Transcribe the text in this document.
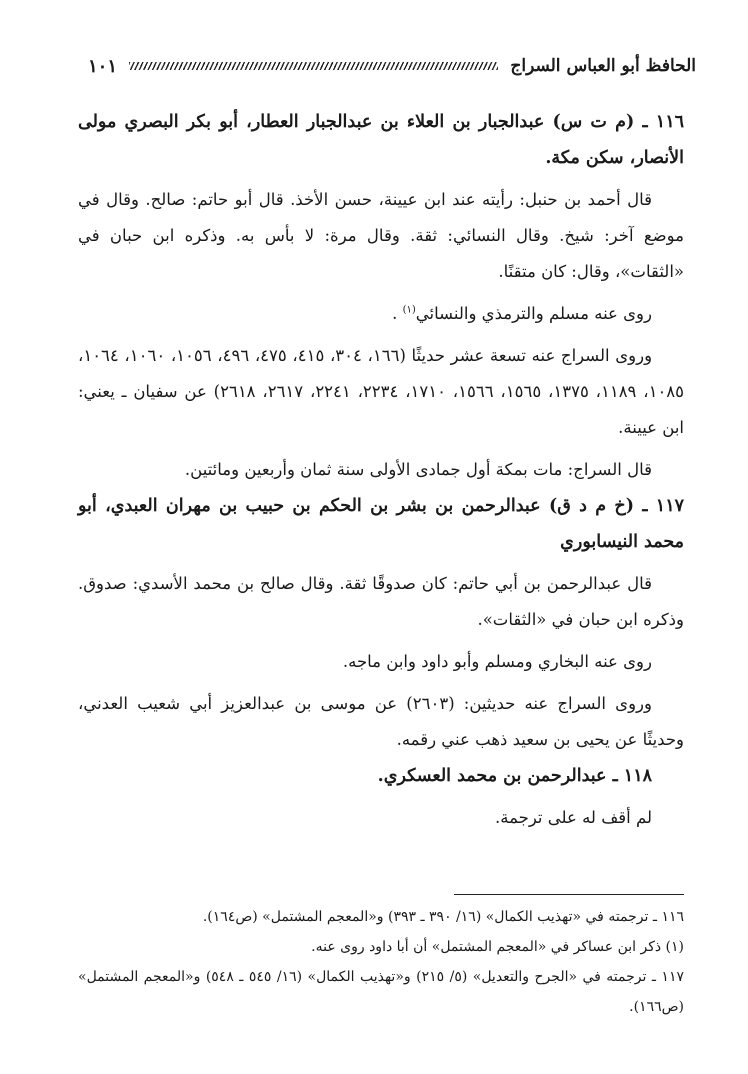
الحافظ أبو العباس السراج
١٠١

١١٦ ـ (م ت س) عبدالجبار بن العلاء بن عبدالجبار العطار، أبو بكر البصري مولى الأنصار، سكن مكة.

قال أحمد بن حنبل: رأيته عند ابن عيينة، حسن الأخذ. قال أبو حاتم: صالح. وقال في موضع آخر: شيخ. وقال النسائي: ثقة. وقال مرة: لا بأس به. وذكره ابن حبان في «الثقات»، وقال: كان متقنًا.

روى عنه مسلم والترمذي والنسائي$^{(١)}$ .

وروى السراج عنه تسعة عشر حديثًا (١٦٦، ٣٠٤، ٤١٥، ٤٧٥، ٤٩٦، ١٠٥٦، ١٠٦٠، ١٠٦٤، ١٠٨٥، ١١٨٩، ١٣٧٥، ١٥٦٥، ١٥٦٦، ١٧١٠، ٢٢٣٤، ٢٢٤١، ٢٦١٧، ٢٦١٨) عن سفيان ـ يعني: ابن عيينة.

قال السراج: مات بمكة أول جمادى الأولى سنة ثمان وأربعين ومائتين.

١١٧ ـ (خ م د ق) عبدالرحمن بن بشر بن الحكم بن حبيب بن مهران العبدي، أبو محمد النيسابوري

قال عبدالرحمن بن أبي حاتم: كان صدوقًا ثقة. وقال صالح بن محمد الأسدي: صدوق. وذكره ابن حبان في «الثقات».

روى عنه البخاري ومسلم وأبو داود وابن ماجه.

وروى السراج عنه حديثين: (٢٦٠٣) عن موسى بن عبدالعزيز أبي شعيب العدني، وحديثًا عن يحيى بن سعيد ذهب عني رقمه.

١١٨ ـ عبدالرحمن بن محمد العسكري.

لم أقف له على ترجمة.

١١٦ ـ ترجمته في «تهذيب الكمال» (١٦/ ٣٩٠ ـ ٣٩٣) و«المعجم المشتمل» (ص١٦٤).

(١) ذكر ابن عساكر في «المعجم المشتمل» أن أبا داود روى عنه.

١١٧ ـ ترجمته في «الجرح والتعديل» (٥/ ٢١٥) و«تهذيب الكمال» (١٦/ ٥٤٥ ـ ٥٤٨) و«المعجم المشتمل» (ص١٦٦).
